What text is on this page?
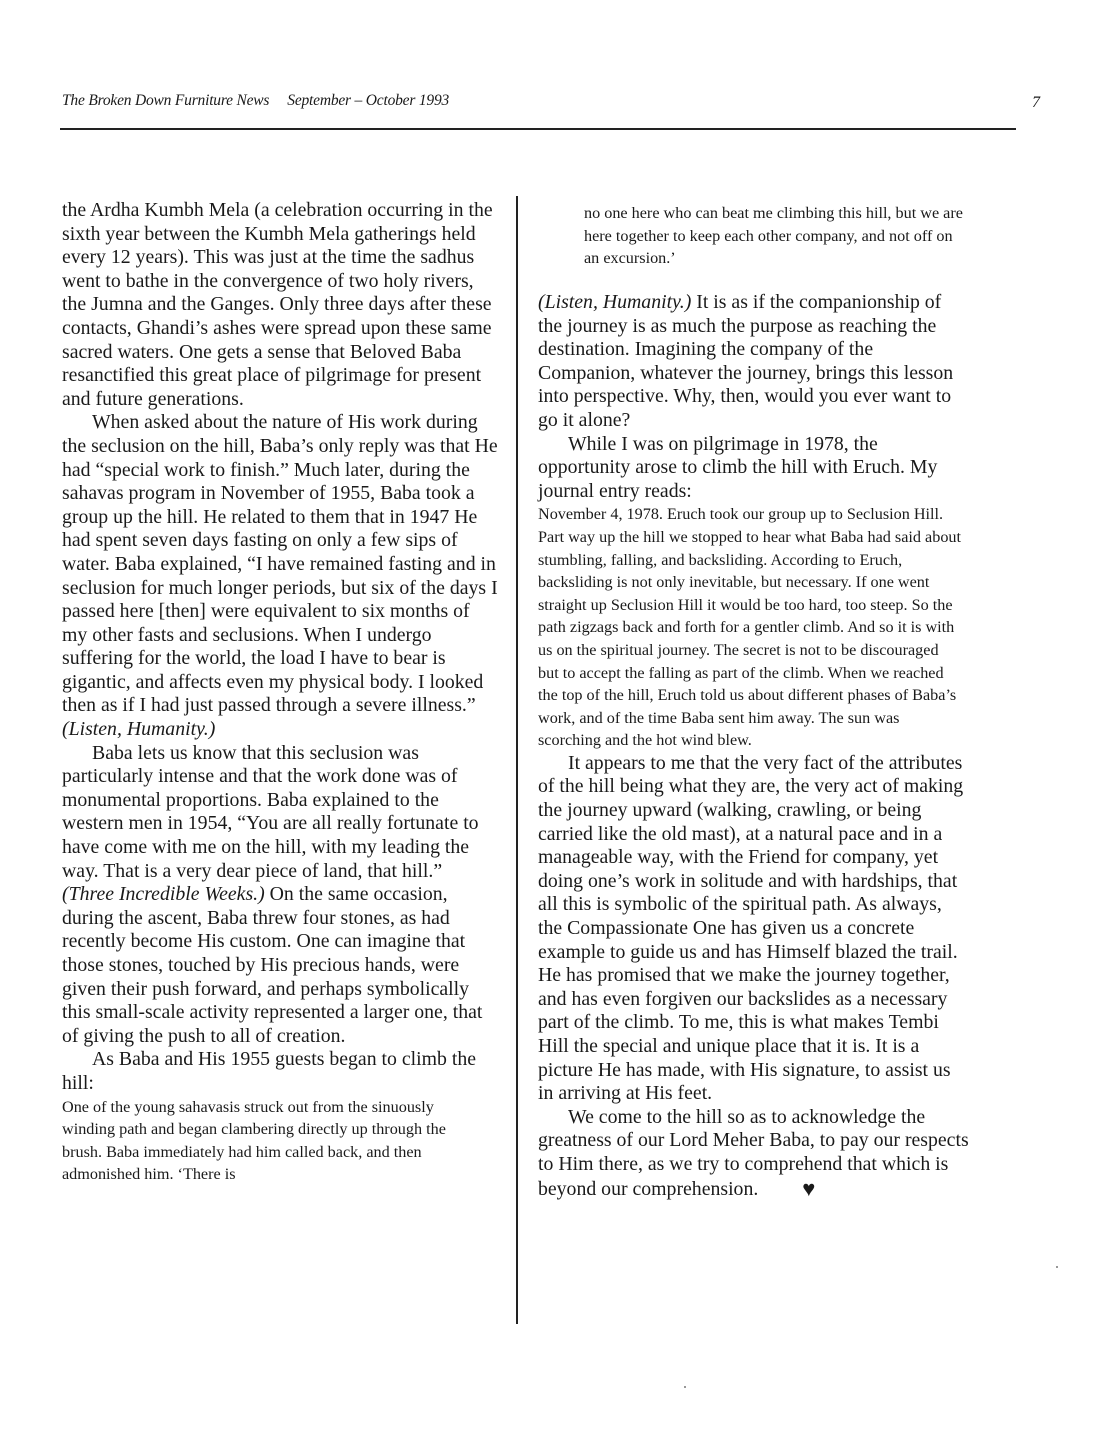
The Broken Down Furniture News September – October 1993	7

the Ardha Kumbh Mela (a celebration occurring in the sixth year between the Kumbh Mela gatherings held every 12 years). This was just at the time the sadhus went to bathe in the convergence of two holy rivers, the Jumna and the Ganges. Only three days after these contacts, Ghandi’s ashes were spread upon these same sacred waters. One gets a sense that Beloved Baba resanctified this great place of pilgrimage for present and future generations.

When asked about the nature of His work during the seclusion on the hill, Baba’s only reply was that He had “special work to finish.” Much later, during the sahavas program in November of 1955, Baba took a group up the hill. He related to them that in 1947 He had spent seven days fasting on only a few sips of water. Baba explained, “I have remained fasting and in seclusion for much longer periods, but six of the days I passed here [then] were equivalent to six months of my other fasts and seclusions. When I undergo suffering for the world, the load I have to bear is gigantic, and affects even my physical body. I looked then as if I had just passed through a severe illness.” (Listen, Humanity.)

Baba lets us know that this seclusion was particularly intense and that the work done was of monumental proportions. Baba explained to the western men in 1954, “You are all really fortunate to have come with me on the hill, with my leading the way. That is a very dear piece of land, that hill.” (Three Incredible Weeks.) On the same occasion, during the ascent, Baba threw four stones, as had recently become His custom. One can imagine that those stones, touched by His precious hands, were given their push forward, and perhaps symbolically this small-scale activity represented a larger one, that of giving the push to all of creation.

As Baba and His 1955 guests began to climb the hill:

One of the young sahavasis struck out from the sinuously winding path and began clambering directly up through the brush. Baba immediately had him called back, and then admonished him. ‘There is

no one here who can beat me climbing this hill, but we are here together to keep each other company, and not off on an excursion.’

(Listen, Humanity.) It is as if the companionship of the journey is as much the purpose as reaching the destination. Imagining the company of the Companion, whatever the journey, brings this lesson into perspective. Why, then, would you ever want to go it alone?

While I was on pilgrimage in 1978, the opportunity arose to climb the hill with Eruch. My journal entry reads:

November 4, 1978. Eruch took our group up to Seclusion Hill. Part way up the hill we stopped to hear what Baba had said about stumbling, falling, and backsliding. According to Eruch, backsliding is not only inevitable, but necessary. If one went straight up Seclusion Hill it would be too hard, too steep. So the path zigzags back and forth for a gentler climb. And so it is with us on the spiritual journey. The secret is not to be discouraged but to accept the falling as part of the climb. When we reached the top of the hill, Eruch told us about different phases of Baba’s work, and of the time Baba sent him away. The sun was scorching and the hot wind blew.

It appears to me that the very fact of the attributes of the hill being what they are, the very act of making the journey upward (walking, crawling, or being carried like the old mast), at a natural pace and in a manageable way, with the Friend for company, yet doing one’s work in solitude and with hardships, that all this is symbolic of the spiritual path. As always, the Compassionate One has given us a concrete example to guide us and has Himself blazed the trail. He has promised that we make the journey together, and has even forgiven our backslides as a necessary part of the climb. To me, this is what makes Tembi Hill the special and unique place that it is. It is a picture He has made, with His signature, to assist us in arriving at His feet.

We come to the hill so as to acknowledge the greatness of our Lord Meher Baba, to pay our respects to Him there, as we try to comprehend that which is beyond our comprehension. ♥
